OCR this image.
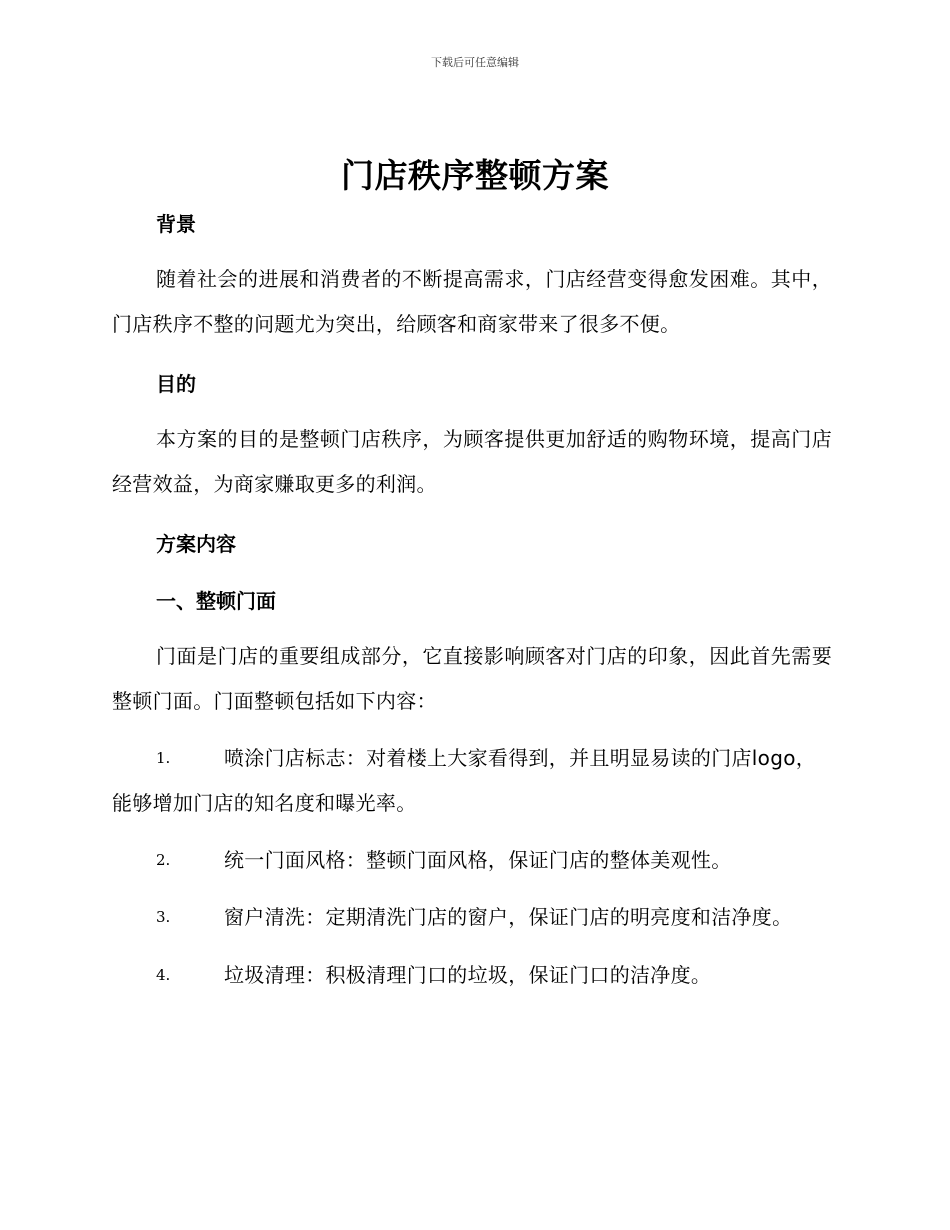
下载后可任意编辑
门店秩序整顿方案
背景
随着社会的进展和消费者的不断提高需求，门店经营变得愈发困难。其中，门店秩序不整的问题尤为突出，给顾客和商家带来了很多不便。
目的
本方案的目的是整顿门店秩序，为顾客提供更加舒适的购物环境，提高门店经营效益，为商家赚取更多的利润。
方案内容
一、整顿门面
门面是门店的重要组成部分，它直接影响顾客对门店的印象，因此首先需要整顿门面。门面整顿包括如下内容：
1.	喷涂门店标志：对着楼上大家看得到，并且明显易读的门店logo，能够增加门店的知名度和曝光率。
2.	统一门面风格：整顿门面风格，保证门店的整体美观性。
3.	窗户清洗：定期清洗门店的窗户，保证门店的明亮度和洁净度。
4.	垃圾清理：积极清理门口的垃圾，保证门口的洁净度。
